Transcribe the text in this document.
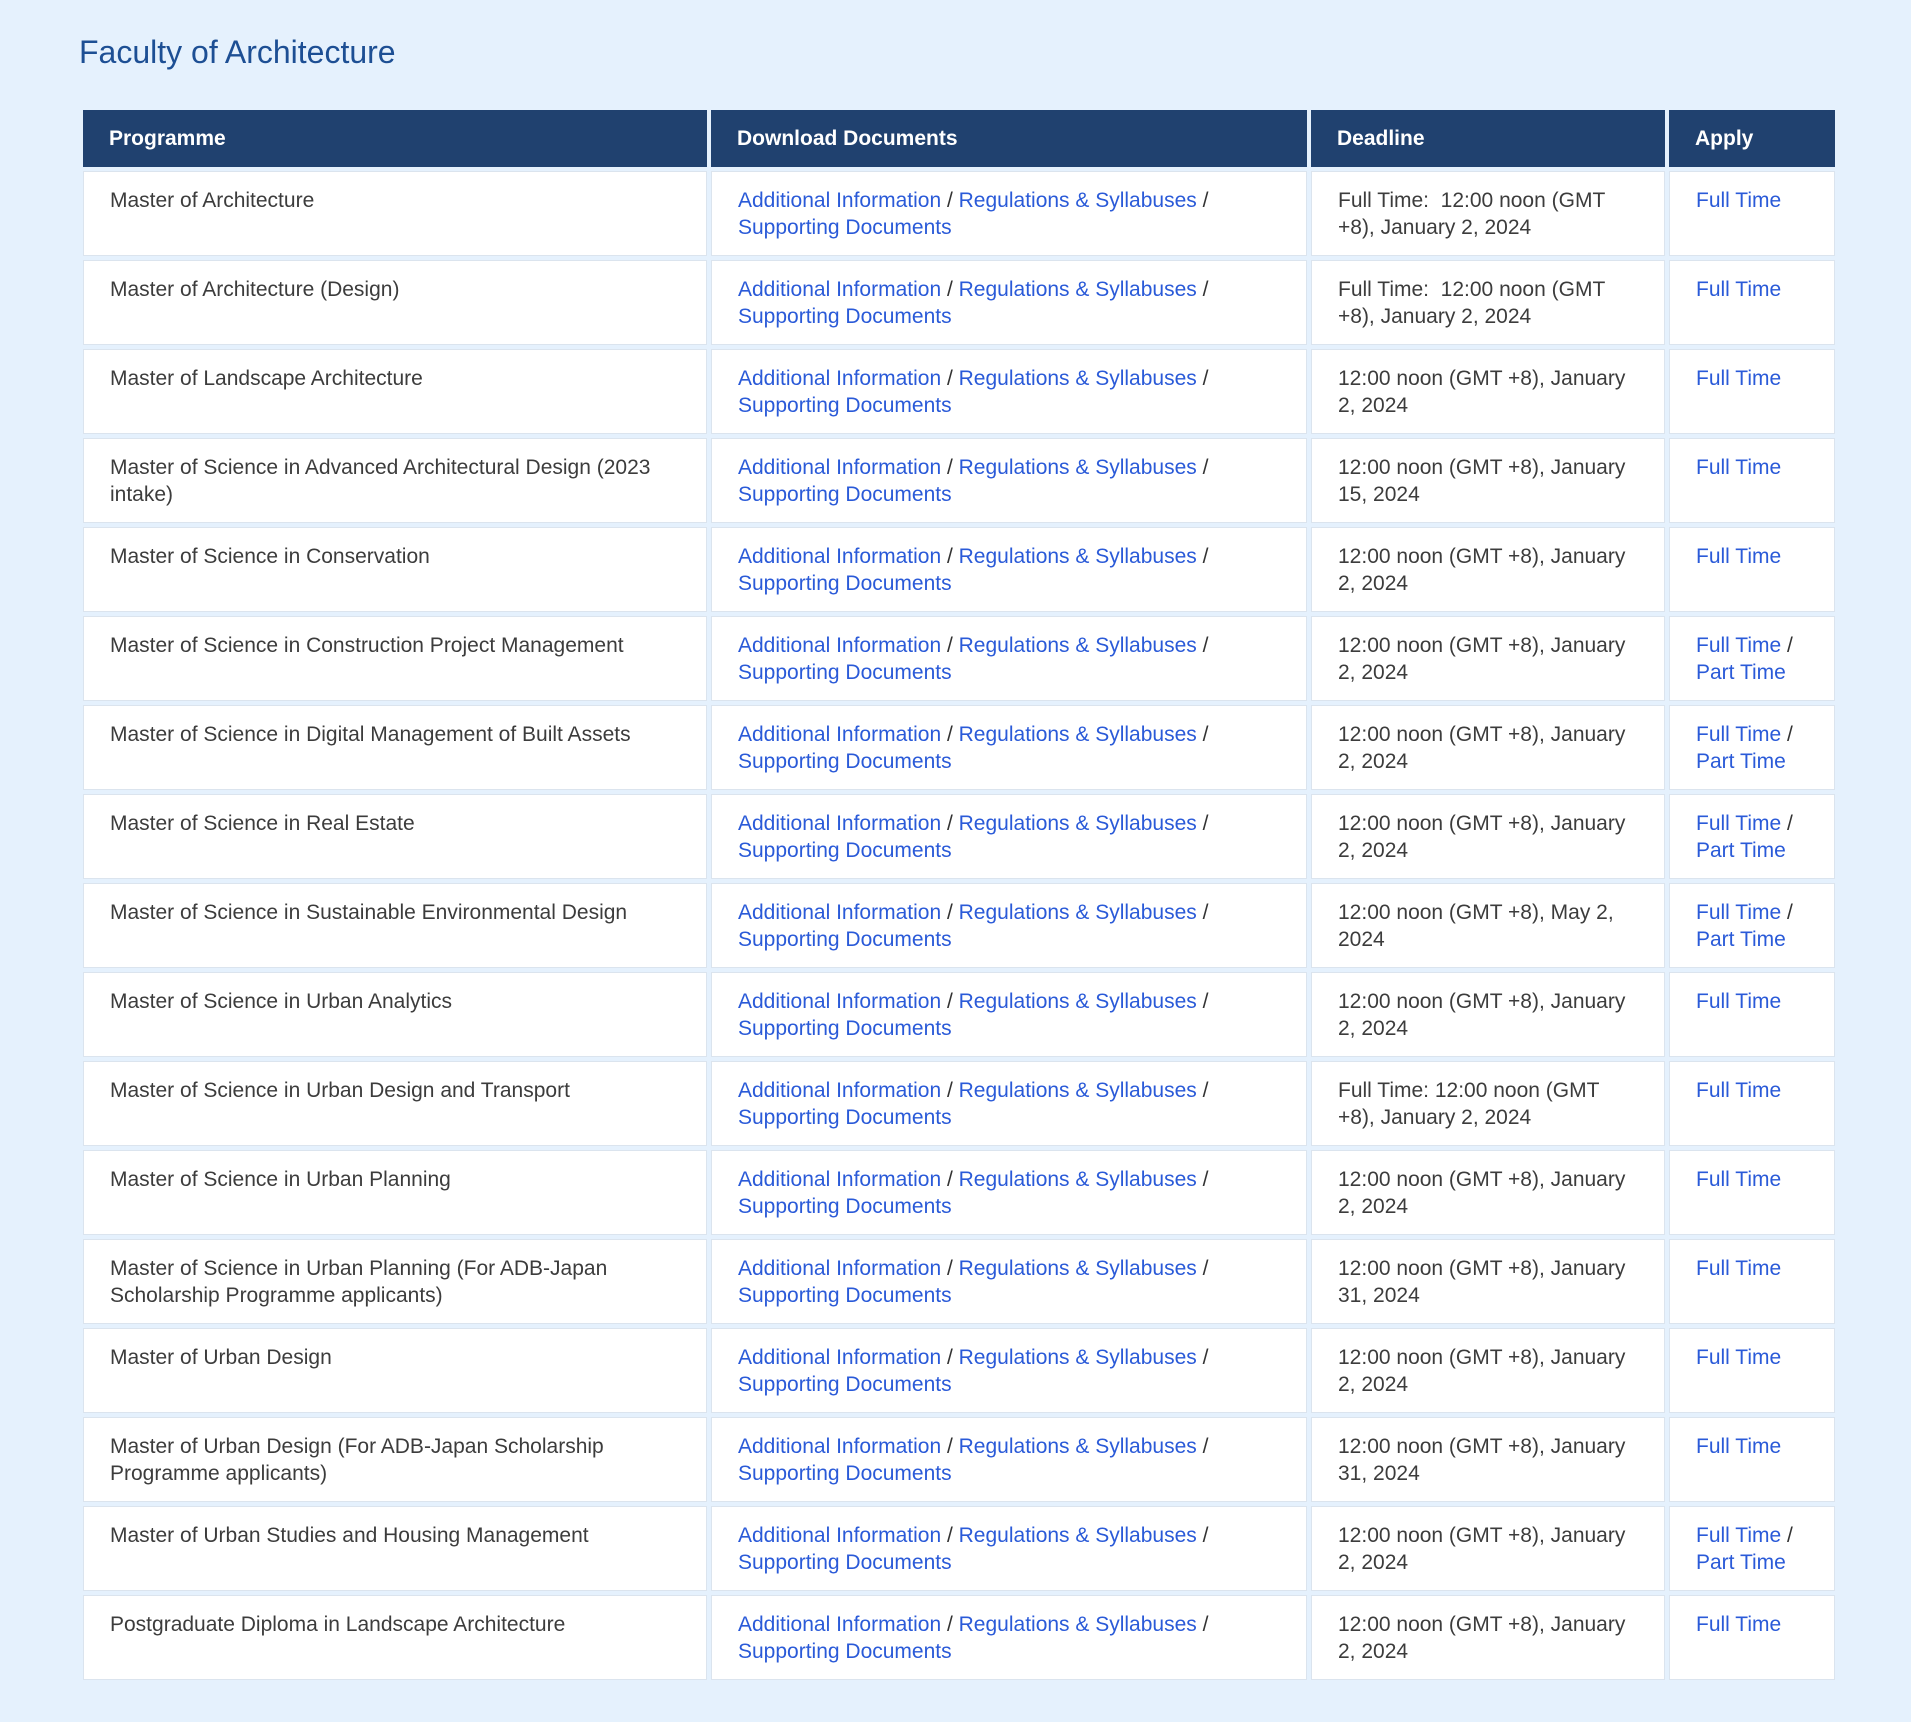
Faculty of Architecture
Programme	Download Documents	Deadline	Apply
Master of Architecture	Additional Information / Regulations & Syllabuses / Supporting Documents	Full Time:  12:00 noon (GMT +8), January 2, 2024	Full Time
Master of Architecture (Design)	Additional Information / Regulations & Syllabuses / Supporting Documents	Full Time:  12:00 noon (GMT +8), January 2, 2024	Full Time
Master of Landscape Architecture	Additional Information / Regulations & Syllabuses / Supporting Documents	12:00 noon (GMT +8), January 2, 2024	Full Time
Master of Science in Advanced Architectural Design (2023 intake)	Additional Information / Regulations & Syllabuses / Supporting Documents	12:00 noon (GMT +8), January 15, 2024	Full Time
Master of Science in Conservation	Additional Information / Regulations & Syllabuses / Supporting Documents	12:00 noon (GMT +8), January 2, 2024	Full Time
Master of Science in Construction Project Management	Additional Information / Regulations & Syllabuses / Supporting Documents	12:00 noon (GMT +8), January 2, 2024	Full Time / Part Time
Master of Science in Digital Management of Built Assets	Additional Information / Regulations & Syllabuses / Supporting Documents	12:00 noon (GMT +8), January 2, 2024	Full Time / Part Time
Master of Science in Real Estate	Additional Information / Regulations & Syllabuses / Supporting Documents	12:00 noon (GMT +8), January 2, 2024	Full Time / Part Time
Master of Science in Sustainable Environmental Design	Additional Information / Regulations & Syllabuses / Supporting Documents	12:00 noon (GMT +8), May 2, 2024	Full Time / Part Time
Master of Science in Urban Analytics	Additional Information / Regulations & Syllabuses / Supporting Documents	12:00 noon (GMT +8), January 2, 2024	Full Time
Master of Science in Urban Design and Transport	Additional Information / Regulations & Syllabuses / Supporting Documents	Full Time: 12:00 noon (GMT +8), January 2, 2024	Full Time
Master of Science in Urban Planning	Additional Information / Regulations & Syllabuses / Supporting Documents	12:00 noon (GMT +8), January 2, 2024	Full Time
Master of Science in Urban Planning (For ADB-Japan Scholarship Programme applicants)	Additional Information / Regulations & Syllabuses / Supporting Documents	12:00 noon (GMT +8), January 31, 2024	Full Time
Master of Urban Design	Additional Information / Regulations & Syllabuses / Supporting Documents	12:00 noon (GMT +8), January 2, 2024	Full Time
Master of Urban Design (For ADB-Japan Scholarship Programme applicants)	Additional Information / Regulations & Syllabuses / Supporting Documents	12:00 noon (GMT +8), January 31, 2024	Full Time
Master of Urban Studies and Housing Management	Additional Information / Regulations & Syllabuses / Supporting Documents	12:00 noon (GMT +8), January 2, 2024	Full Time / Part Time
Postgraduate Diploma in Landscape Architecture	Additional Information / Regulations & Syllabuses / Supporting Documents	12:00 noon (GMT +8), January 2, 2024	Full Time
